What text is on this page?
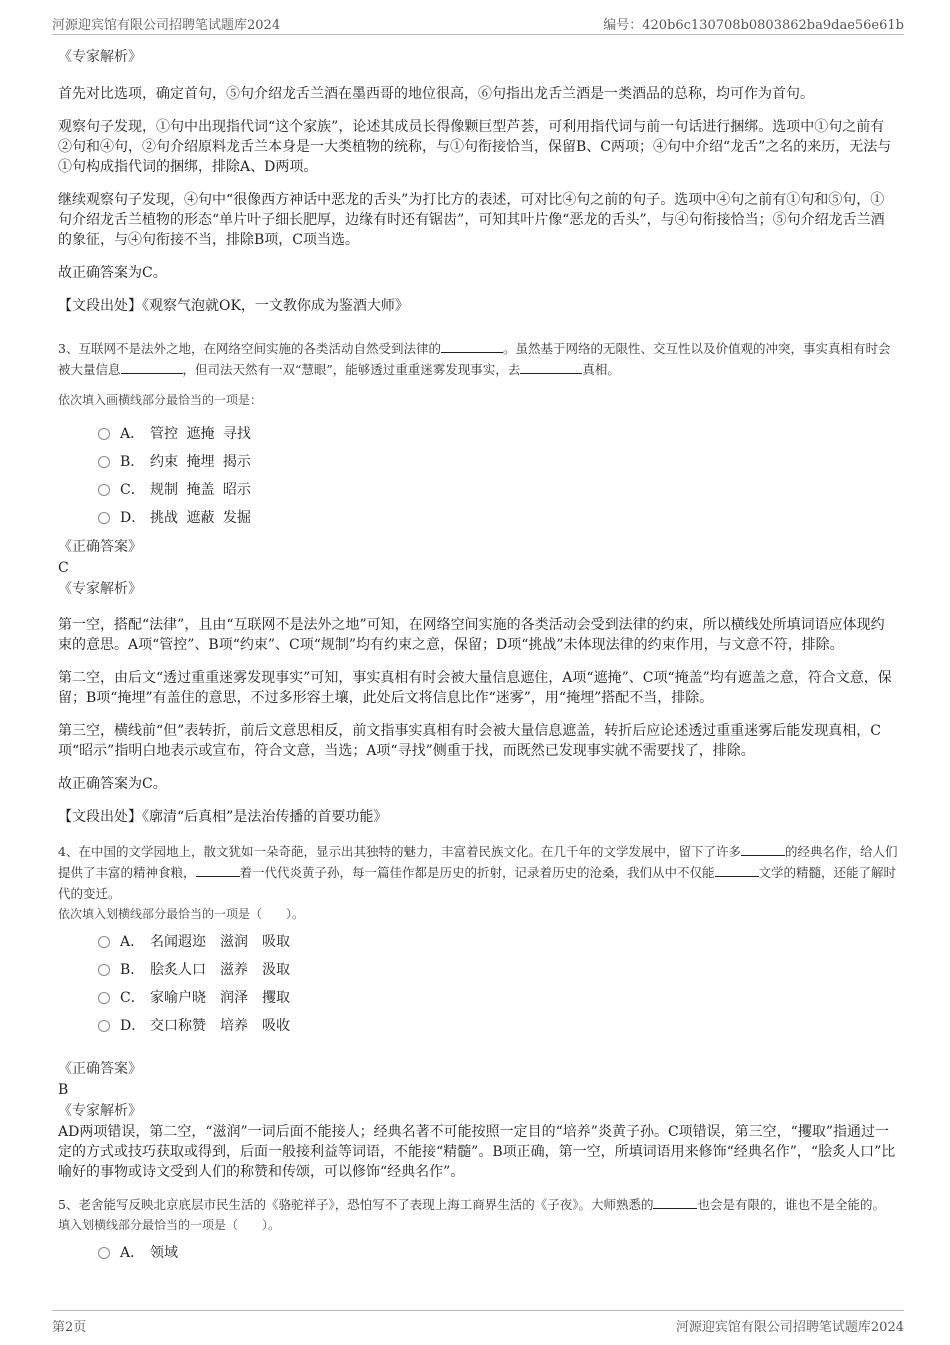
河源迎宾馆有限公司招聘笔试题库2024	编号：420b6c130708b0803862ba9dae56e61b

《专家解析》

首先对比选项，确定首句，⑤句介绍龙舌兰酒在墨西哥的地位很高，⑥句指出龙舌兰酒是一类酒品的总称，均可作为首句。

观察句子发现，①句中出现指代词“这个家族”，论述其成员长得像颗巨型芦荟，可利用指代词与前一句话进行捆绑。选项中①句之前有②句和④句，②句介绍原料龙舌兰本身是一大类植物的统称，与①句衔接恰当，保留B、C两项；④句中介绍“龙舌”之名的来历，无法与①句构成指代词的捆绑，排除A、D两项。

继续观察句子发现，④句中“很像西方神话中恶龙的舌头”为打比方的表述，可对比④句之前的句子。选项中④句之前有①句和⑤句，①句介绍龙舌兰植物的形态“单片叶子细长肥厚，边缘有时还有锯齿”，可知其叶片像“恶龙的舌头”，与④句衔接恰当；⑤句介绍龙舌兰酒的象征，与④句衔接不当，排除B项，C项当选。

故正确答案为C。

【文段出处】《观察气泡就OK，一文教你成为鉴酒大师》

3、互联网不是法外之地，在网络空间实施的各类活动自然受到法律的	。虽然基于网络的无限性、交互性以及价值观的冲突，事实真相有时会被大量信息	，但司法天然有一双“慧眼”，能够透过重重迷雾发现事实，去	真相。

依次填入画横线部分最恰当的一项是：

A． 管控 遮掩 寻找
B． 约束 掩埋 揭示
C． 规制 掩盖 昭示
D． 挑战 遮蔽 发掘

《正确答案》

C

《专家解析》

第一空，搭配“法律”，且由“互联网不是法外之地”可知，在网络空间实施的各类活动会受到法律的约束，所以横线处所填词语应体现约束的意思。A项“管控”、B项“约束”、C项“规制”均有约束之意，保留；D项“挑战”未体现法律的约束作用，与文意不符，排除。

第二空，由后文“透过重重迷雾发现事实”可知，事实真相有时会被大量信息遮住，A项“遮掩”、C项“掩盖”均有遮盖之意，符合文意，保留；B项“掩埋”有盖住的意思，不过多形容土壤，此处后文将信息比作“迷雾”，用“掩埋”搭配不当，排除。

第三空，横线前“但”表转折，前后文意思相反，前文指事实真相有时会被大量信息遮盖，转折后应论述透过重重迷雾后能发现真相，C项“昭示”指明白地表示或宣布，符合文意，当选；A项“寻找”侧重于找，而既然已发现事实就不需要找了，排除。

故正确答案为C。

【文段出处】《廓清“后真相”是法治传播的首要功能》

4、在中国的文学园地上，散文犹如一朵奇葩，显示出其独特的魅力，丰富着民族文化。在几千年的文学发展中，留下了许多	的经典名作，给人们提供了丰富的精神食粮，	着一代代炎黄子孙，每一篇佳作都是历史的折射，记录着历史的沧桑，我们从中不仅能	文学的精髓，还能了解时代的变迁。

依次填入划横线部分最恰当的一项是（　　）。

A． 名闻遐迩 滋润 吸取
B． 脍炙人口 滋养 汲取
C． 家喻户晓 润泽 攫取
D． 交口称赞 培养 吸收

《正确答案》

B

《专家解析》

AD两项错误，第二空，“滋润”一词后面不能接人；经典名著不可能按照一定目的“培养”炎黄子孙。C项错误，第三空，“攫取”指通过一定的方式或技巧获取或得到，后面一般接利益等词语，不能接“精髓”。B项正确，第一空，所填词语用来修饰“经典名作”，“脍炙人口”比喻好的事物或诗文受到人们的称赞和传颂，可以修饰“经典名作”。

5、老舍能写反映北京底层市民生活的《骆驼祥子》，恐怕写不了表现上海工商界生活的《子夜》。大师熟悉的	也会是有限的，谁也不是全能的。

填入划横线部分最恰当的一项是（　　）。

A． 领域
第2页	河源迎宾馆有限公司招聘笔试题库2024
